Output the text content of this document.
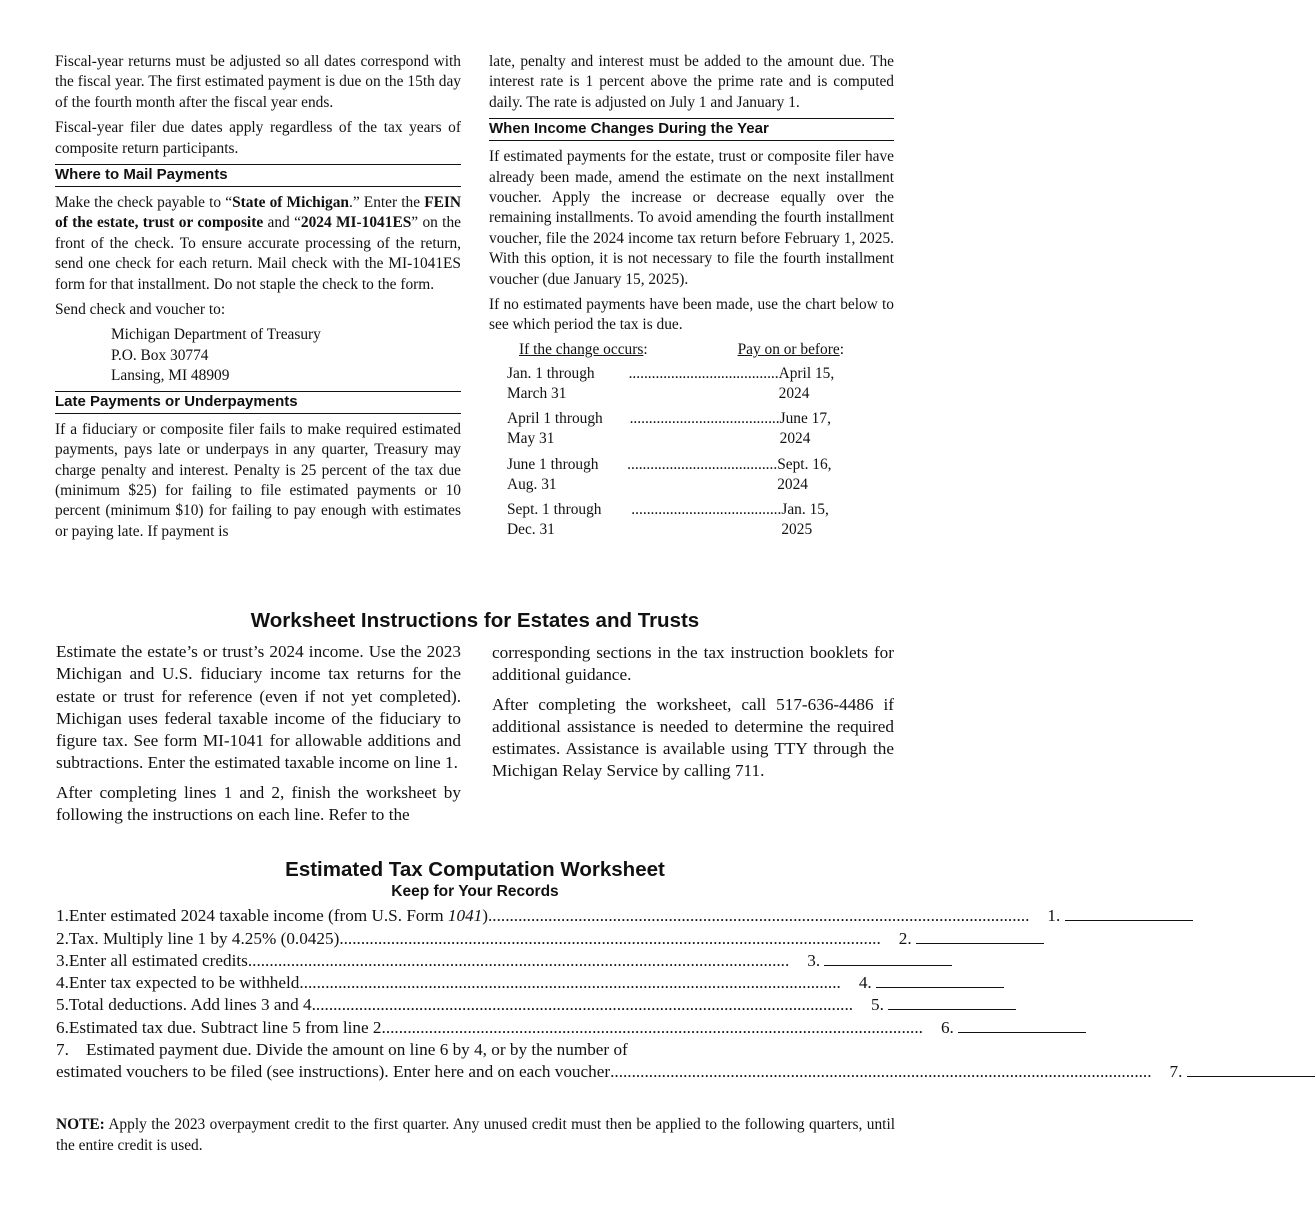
Fiscal-year returns must be adjusted so all dates correspond with the fiscal year. The first estimated payment is due on the 15th day of the fourth month after the fiscal year ends.

Fiscal-year filer due dates apply regardless of the tax years of composite return participants.

Where to Mail Payments

Make the check payable to “State of Michigan.” Enter the FEIN of the estate, trust or composite and “2024 MI-1041ES” on the front of the check. To ensure accurate processing of the return, send one check for each return. Mail check with the MI-1041ES form for that installment. Do not staple the check to the form.

Send check and voucher to:

Michigan Department of Treasury
P.O. Box 30774
Lansing, MI 48909
Late Payments or Underpayments

If a fiduciary or composite filer fails to make required estimated payments, pays late or underpays in any quarter, Treasury may charge penalty and interest. Penalty is 25 percent of the tax due (minimum $25) for failing to file estimated payments or 10 percent (minimum $10) for failing to pay enough with estimates or paying late. If payment is

late, penalty and interest must be added to the amount due. The interest rate is 1 percent above the prime rate and is computed daily. The rate is adjusted on July 1 and January 1.

When Income Changes During the Year

If estimated payments for the estate, trust or composite filer have already been made, amend the estimate on the next installment voucher. Apply the increase or decrease equally over the remaining installments. To avoid amending the fourth installment voucher, file the 2024 income tax return before February 1, 2025. With this option, it is not necessary to file the fourth installment voucher (due January 15, 2025).

If no estimated payments have been made, use the chart below to see which period the tax is due.

If the change occurs:	Pay on or before:
Jan. 1 through March 31
....................................... April 15, 2024
April 1 through May 31
....................................... June 17, 2024
June 1 through Aug. 31
....................................... Sept. 16, 2024
Sept. 1 through Dec. 31
....................................... Jan. 15, 2025
Worksheet Instructions for Estates and Trusts

Estimate the estate’s or trust’s 2024 income. Use the 2023 Michigan and U.S. fiduciary income tax returns for the estate or trust for reference (even if not yet completed). Michigan uses federal taxable income of the fiduciary to figure tax. See form MI-1041 for allowable additions and subtractions. Enter the estimated taxable income on line 1.

After completing lines 1 and 2, finish the worksheet by following the instructions on each line. Refer to the

corresponding sections in the tax instruction booklets for additional guidance.

After completing the worksheet, call 517-636-4486 if additional assistance is needed to determine the required estimates. Assistance is available using TTY through the Michigan Relay Service by calling 711.

Estimated Tax Computation Worksheet
Keep for Your Records
1. Enter estimated 2024 taxable income (from U.S. Form 1041) ..............................................................................................................................	1.
2. Tax. Multiply line 1 by 4.25% (0.0425) ..............................................................................................................................	2.
3. Enter all estimated credits ..............................................................................................................................	3.
4. Enter tax expected to be withheld ..............................................................................................................................	4.
5. Total deductions. Add lines 3 and 4 ..............................................................................................................................	5.
6. Estimated tax due. Subtract line 5 from line 2 ..............................................................................................................................	6.
7. Estimated payment due. Divide the amount on line 6 by 4, or by the number of
estimated vouchers to be filed (see instructions). Enter here and on each voucher ..............................................................................................................................	7.
NOTE: Apply the 2023 overpayment credit to the first quarter. Any unused credit must then be applied to the following quarters, until the entire credit is used.
